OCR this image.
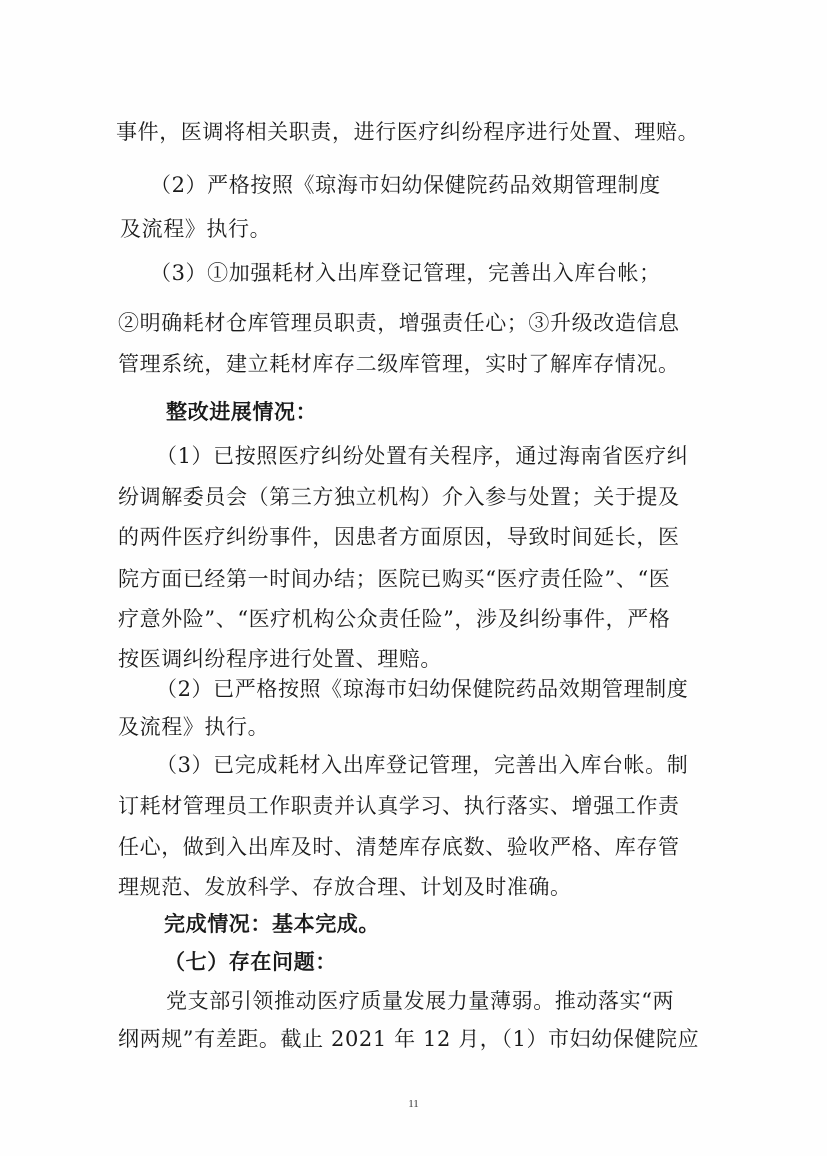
事件，医调将相关职责，进行医疗纠纷程序进行处置、理赔。
（2）严格按照《琼海市妇幼保健院药品效期管理制度
及流程》执行。
（3）①加强耗材入出库登记管理，完善出入库台帐；
②明确耗材仓库管理员职责，增强责任心；③升级改造信息
管理系统，建立耗材库存二级库管理，实时了解库存情况。
整改进展情况：
（1）已按照医疗纠纷处置有关程序，通过海南省医疗纠
纷调解委员会（第三方独立机构）介入参与处置；关于提及
的两件医疗纠纷事件，因患者方面原因，导致时间延长，医
院方面已经第一时间办结；医院已购买“医疗责任险”、“医
疗意外险”、“医疗机构公众责任险”，涉及纠纷事件，严格
按医调纠纷程序进行处置、理赔。
（2）已严格按照《琼海市妇幼保健院药品效期管理制度
及流程》执行。
（3）已完成耗材入出库登记管理，完善出入库台帐。制
订耗材管理员工作职责并认真学习、执行落实、增强工作责
任心，做到入出库及时、清楚库存底数、验收严格、库存管
理规范、发放科学、存放合理、计划及时准确。
完成情况：基本完成。
（七）存在问题：
党支部引领推动医疗质量发展力量薄弱。推动落实“两
纲两规”有差距。截止 2021 年 12 月，（1）市妇幼保健院应
11
